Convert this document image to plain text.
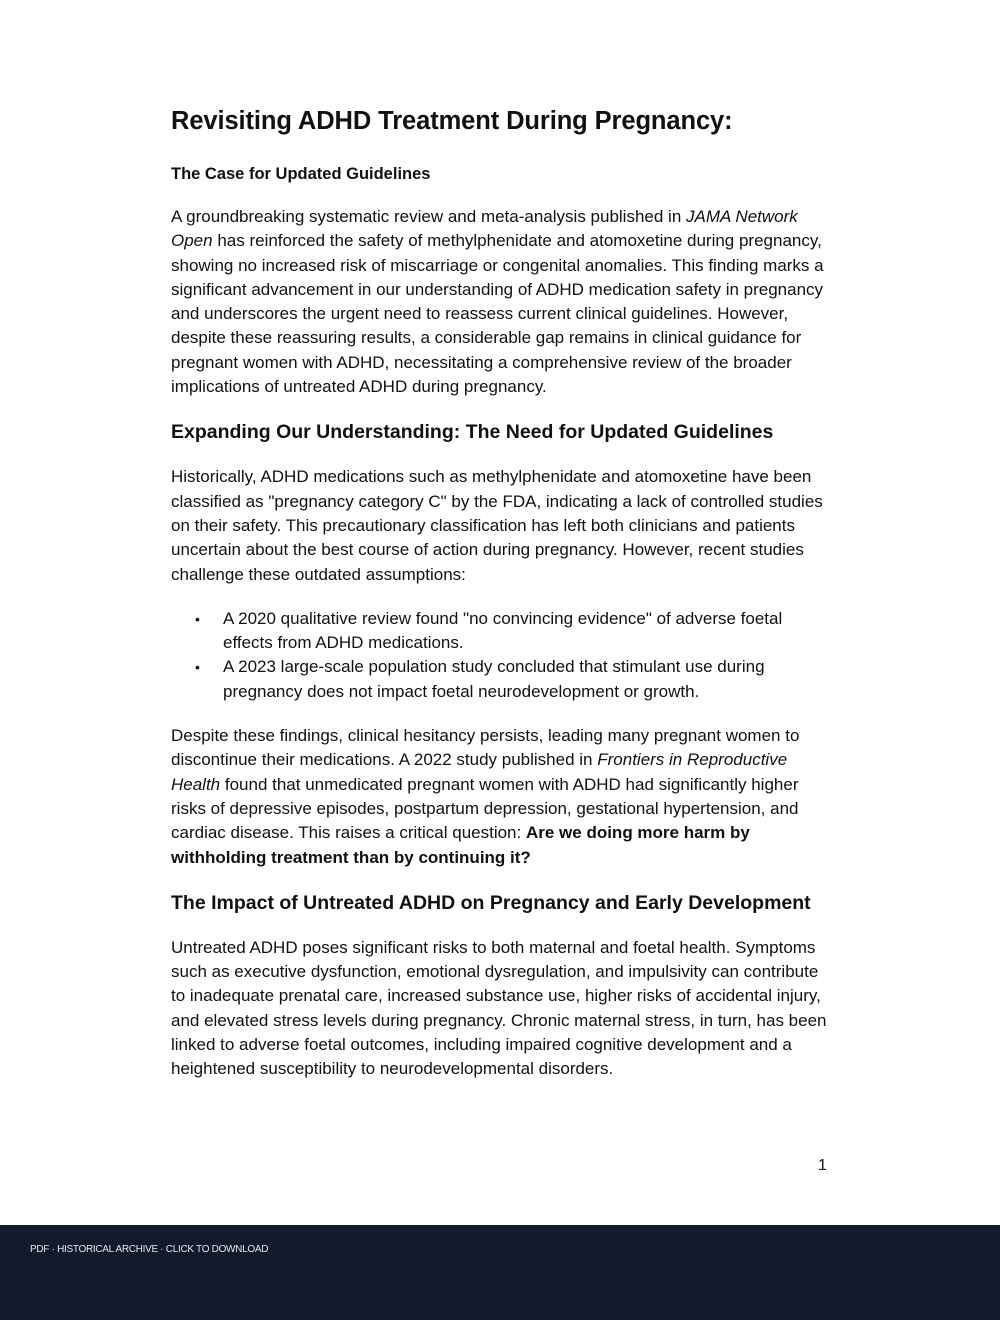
Revisiting ADHD Treatment During Pregnancy:
The Case for Updated Guidelines

A groundbreaking systematic review and meta-analysis published in JAMA Network Open has reinforced the safety of methylphenidate and atomoxetine during pregnancy, showing no increased risk of miscarriage or congenital anomalies. This finding marks a significant advancement in our understanding of ADHD medication safety in pregnancy and underscores the urgent need to reassess current clinical guidelines. However, despite these reassuring results, a considerable gap remains in clinical guidance for pregnant women with ADHD, necessitating a comprehensive review of the broader implications of untreated ADHD during pregnancy.

Expanding Our Understanding: The Need for Updated Guidelines

Historically, ADHD medications such as methylphenidate and atomoxetine have been classified as "pregnancy category C" by the FDA, indicating a lack of controlled studies on their safety. This precautionary classification has left both clinicians and patients uncertain about the best course of action during pregnancy. However, recent studies challenge these outdated assumptions:

• A 2020 qualitative review found "no convincing evidence" of adverse foetal effects from ADHD medications.
• A 2023 large-scale population study concluded that stimulant use during pregnancy does not impact foetal neurodevelopment or growth.

Despite these findings, clinical hesitancy persists, leading many pregnant women to discontinue their medications. A 2022 study published in Frontiers in Reproductive Health found that unmedicated pregnant women with ADHD had significantly higher risks of depressive episodes, postpartum depression, gestational hypertension, and cardiac disease. This raises a critical question: Are we doing more harm by withholding treatment than by continuing it?

The Impact of Untreated ADHD on Pregnancy and Early Development

Untreated ADHD poses significant risks to both maternal and foetal health. Symptoms such as executive dysfunction, emotional dysregulation, and impulsivity can contribute to inadequate prenatal care, increased substance use, higher risks of accidental injury, and elevated stress levels during pregnancy. Chronic maternal stress, in turn, has been linked to adverse foetal outcomes, including impaired cognitive development and a heightened susceptibility to neurodevelopmental disorders.

1
PDF · HISTORICAL ARCHIVE · CLICK TO DOWNLOAD
